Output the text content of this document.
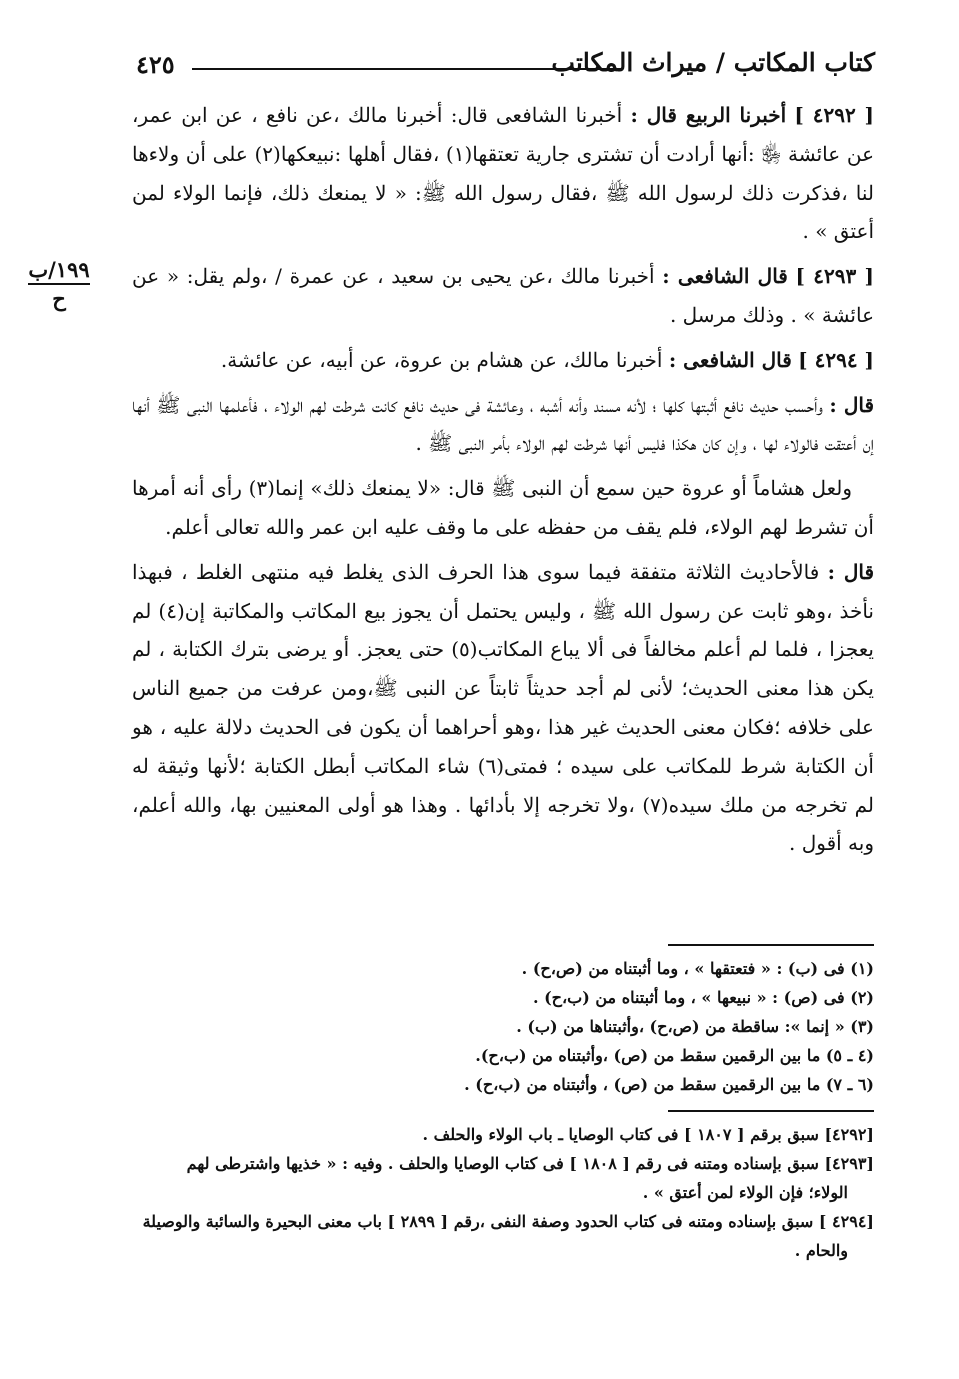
٤٢٥	كتاب المكاتب / ميراث المكاتب
١٩٩/ب
ح

[ ٤٢٩٢ ] أخبرنا الربيع قال : أخبرنا الشافعى قال: أخبرنا مالك ،عن نافع ، عن ابن عمر، عن عائشة ﵂ :أنها أرادت أن تشترى جارية تعتقها(١) ،فقال أهلها :نبيعكها(٢) على أن ولاءها لنا ،فذكرت ذلك لرسول الله ﷺ ،فقال رسول الله ﷺ: « لا يمنعك ذلك، فإنما الولاء لمن أعتق » .

[ ٤٢٩٣ ] قال الشافعى : أخبرنا مالك ،عن يحيى بن سعيد ، عن عمرة / ،ولم يقل: « عن عائشة » . وذلك مرسل .

[ ٤٢٩٤ ] قال الشافعى : أخبرنا مالك، عن هشام بن عروة، عن أبيه، عن عائشة.

قال : وأحسب حديث نافع أثبتها كلها ؛ لأنه مسند وأنه أشبه ، وعائشة فى حديث نافع كانت شرطت لهم الولاء ، فأعلمها النبى ﷺ أنها إن أعتقت فالولاء لها ، وإن كان هكذا فليس أنها شرطت لهم الولاء بأمر النبى ﷺ .

ولعل هشاماً أو عروة حين سمع أن النبى ﷺ قال: «لا يمنعك ذلك» إنما(٣) رأى أنه أمرها أن تشرط لهم الولاء، فلم يقف من حفظه على ما وقف عليه ابن عمر والله تعالى أعلم.

قال : فالأحاديث الثلاثة متفقة فيما سوى هذا الحرف الذى يغلط فيه منتهى الغلط ، فبهذا نأخذ ،وهو ثابت عن رسول الله ﷺ ، وليس يحتمل أن يجوز بيع المكاتب والمكاتبة إن(٤) لم يعجزا ، فلما لم أعلم مخالفاً فى ألا يباع المكاتب(٥) حتى يعجز. أو يرضى بترك الكتابة ، لم يكن هذا معنى الحديث؛ لأنى لم أجد حديثاً ثابتاً عن النبى ﷺ،ومن عرفت من جميع الناس على خلافه ؛فكان معنى الحديث غير هذا ،وهو أحراهما أن يكون فى الحديث دلالة عليه ، هو أن الكتابة شرط للمكاتب على سيده ؛ فمتى(٦) شاء المكاتب أبطل الكتابة ؛لأنها وثيقة له لم تخرجه من ملك سيده(٧) ،ولا تخرجه إلا بأدائها . وهذا هو أولى المعنيين بها، والله أعلم، وبه أقول .

(١) فى (ب) : « فتعتقها » ، وما أثبتناه من (ص،ح) .
(٢) فى (ص) : « نبيعها » ، وما أثبتناه من (ب،ح) .
(٣) « إنما »: ساقطة من (ص،ح) ،وأثبتناها من (ب) .
(٤ ـ ٥) ما بين الرقمين سقط من (ص) ،وأثبتناه من (ب،ح).
(٦ ـ ٧) ما بين الرقمين سقط من (ص) ، وأثبتناه من (ب،ح) .

[٤٢٩٢] سبق برقم [ ١٨٠٧ ] فى كتاب الوصايا ـ باب الولاء والحلف .

[٤٢٩٣] سبق بإسناده ومتنه فى رقم [ ١٨٠٨ ] فى كتاب الوصايا والحلف . وفيه : « خذيها واشترطى لهم
الولاء؛ فإن الولاء لمن أعتق » .

[٤٢٩٤ ] سبق بإسناده ومتنه فى كتاب الحدود وصفة النفى ،رقم [ ٢٨٩٩ ] باب معنى البحيرة والسائبة والوصيلة
والحام .
